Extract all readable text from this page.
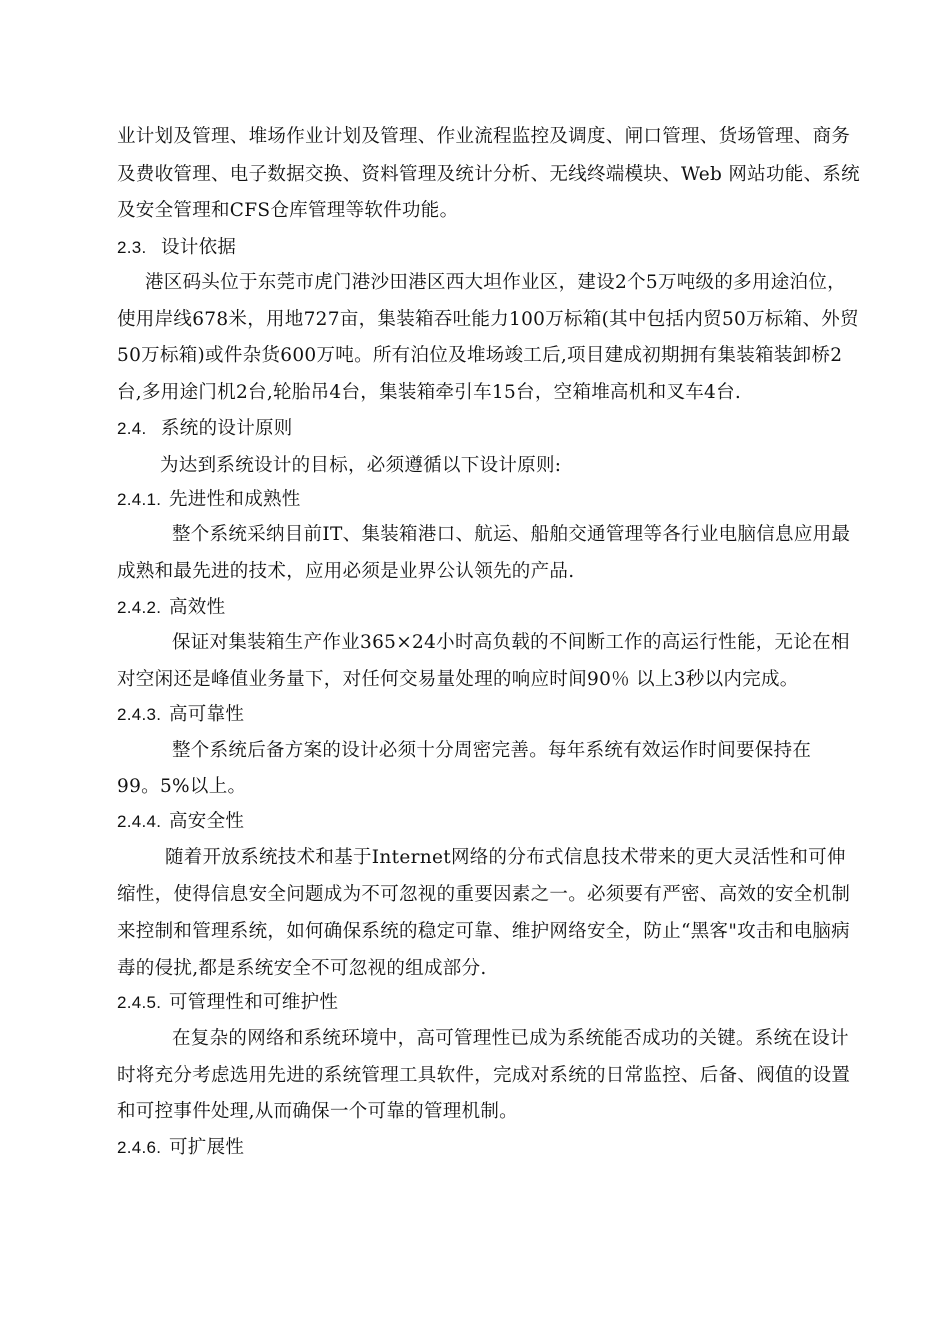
业计划及管理、堆场作业计划及管理、作业流程监控及调度、闸口管理、货场管理、商务
及费收管理、电子数据交换、资料管理及统计分析、无线终端模块、Web 网站功能、系统
及安全管理和CFS仓库管理等软件功能。
2.3. 设计依据
港区码头位于东莞市虎门港沙田港区西大坦作业区，建设2个5万吨级的多用途泊位，
使用岸线678米，用地727亩，集装箱吞吐能力100万标箱(其中包括内贸50万标箱、外贸
50万标箱)或件杂货600万吨。所有泊位及堆场竣工后,项目建成初期拥有集装箱装卸桥2
台,多用途门机2台,轮胎吊4台，集装箱牵引车15台，空箱堆高机和叉车4台.
2.4. 系统的设计原则
为达到系统设计的目标，必须遵循以下设计原则:
2.4.1. 先进性和成熟性
整个系统采纳目前IT、集装箱港口、航运、船舶交通管理等各行业电脑信息应用最
成熟和最先进的技术，应用必须是业界公认领先的产品.
2.4.2. 高效性
保证对集装箱生产作业365×24小时高负载的不间断工作的高运行性能，无论在相
对空闲还是峰值业务量下，对任何交易量处理的响应时间90％ 以上3秒以内完成。
2.4.3. 高可靠性
整个系统后备方案的设计必须十分周密完善。每年系统有效运作时间要保持在
99。5%以上。
2.4.4. 高安全性
随着开放系统技术和基于Internet网络的分布式信息技术带来的更大灵活性和可伸
缩性，使得信息安全问题成为不可忽视的重要因素之一。必须要有严密、高效的安全机制
来控制和管理系统，如何确保系统的稳定可靠、维护网络安全，防止“黑客"攻击和电脑病
毒的侵扰,都是系统安全不可忽视的组成部分.
2.4.5. 可管理性和可维护性
在复杂的网络和系统环境中，高可管理性已成为系统能否成功的关键。系统在设计
时将充分考虑选用先进的系统管理工具软件，完成对系统的日常监控、后备、阀值的设置
和可控事件处理,从而确保一个可靠的管理机制。
2.4.6. 可扩展性
